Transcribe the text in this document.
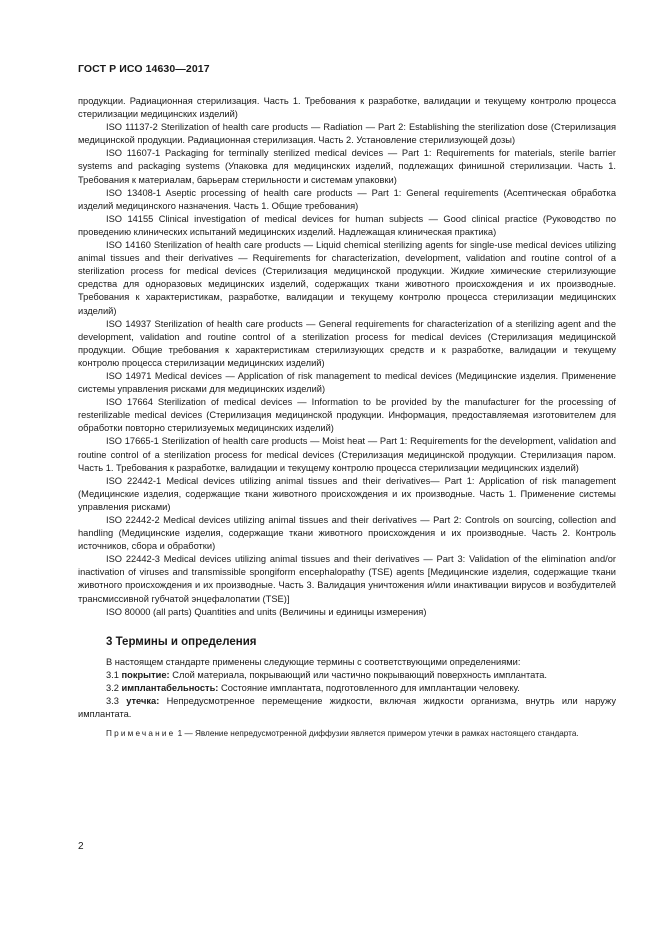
ГОСТ Р ИСО 14630—2017

продукции. Радиационная стерилизация. Часть 1. Требования к разработке, валидации и текущему контролю процесса стерилизации медицинских изделий)

ISO 11137-2 Sterilization of health care products — Radiation — Part 2: Establishing the sterilization dose (Стерилизация медицинской продукции. Радиационная стерилизация. Часть 2. Установление стерилизующей дозы)

ISO 11607-1 Packaging for terminally sterilized medical devices — Part 1: Requirements for materials, sterile barrier systems and packaging systems (Упаковка для медицинских изделий, подлежащих финишной стерилизации. Часть 1. Требования к материалам, барьерам стерильности и системам упаковки)

ISO 13408-1 Aseptic processing of health care products — Part 1: General requirements (Асептическая обработка изделий медицинского назначения. Часть 1. Общие требования)

ISO 14155 Clinical investigation of medical devices for human subjects — Good clinical practice (Руководство по проведению клинических испытаний медицинских изделий. Надлежащая клиническая практика)

ISO 14160 Sterilization of health care products — Liquid chemical sterilizing agents for single-use medical devices utilizing animal tissues and their derivatives — Requirements for characterization, development, validation and routine control of a sterilization process for medical devices (Стерилизация медицинской продукции. Жидкие химические стерилизующие средства для одноразовых медицинских изделий, содержащих ткани животного происхождения и их производные. Требования к характеристикам, разработке, валидации и текущему контролю процесса стерилизации медицинских изделий)

ISO 14937 Sterilization of health care products — General requirements for characterization of a sterilizing agent and the development, validation and routine control of a sterilization process for medical devices (Стерилизация медицинской продукции. Общие требования к характеристикам стерилизующих средств и к разработке, валидации и текущему контролю процесса стерилизации медицинских изделий)

ISO 14971 Medical devices — Application of risk management to medical devices (Медицинские изделия. Применение системы управления рисками для медицинских изделий)

ISO 17664 Sterilization of medical devices — Information to be provided by the manufacturer for the processing of resterilizable medical devices (Стерилизация медицинской продукции. Информация, предоставляемая изготовителем для обработки повторно стерилизуемых медицинских изделий)

ISO 17665-1 Sterilization of health care products — Moist heat — Part 1: Requirements for the development, validation and routine control of a sterilization process for medical devices (Стерилизация медицинской продукции. Стерилизация паром. Часть 1. Требования к разработке, валидации и текущему контролю процесса стерилизации медицинских изделий)

ISO 22442-1 Medical devices utilizing animal tissues and their derivatives— Part 1: Application of risk management (Медицинские изделия, содержащие ткани животного происхождения и их производные. Часть 1. Применение системы управления рисками)

ISO 22442-2 Medical devices utilizing animal tissues and their derivatives — Part 2: Controls on sourcing, collection and handling (Медицинские изделия, содержащие ткани животного происхождения и их производные. Часть 2. Контроль источников, сбора и обработки)

ISO 22442-3 Medical devices utilizing animal tissues and their derivatives — Part 3: Validation of the elimination and/or inactivation of viruses and transmissible spongiform encephalopathy (TSE) agents [Медицинские изделия, содержащие ткани животного происхождения и их производные. Часть 3. Валидация уничтожения и/или инактивации вирусов и возбудителей трансмиссивной губчатой энцефалопатии (TSE)]

ISO 80000 (all parts) Quantities and units (Величины и единицы измерения)

3 Термины и определения

В настоящем стандарте применены следующие термины с соответствующими определениями:

3.1 покрытие: Слой материала, покрывающий или частично покрывающий поверхность имплантата.

3.2 имплантабельность: Состояние имплантата, подготовленного для имплантации человеку.

3.3 утечка: Непредусмотренное перемещение жидкости, включая жидкости организма, внутрь или наружу имплантата.

Примечание 1 — Явление непредусмотренной диффузии является примером утечки в рамках настоящего стандарта.

2
